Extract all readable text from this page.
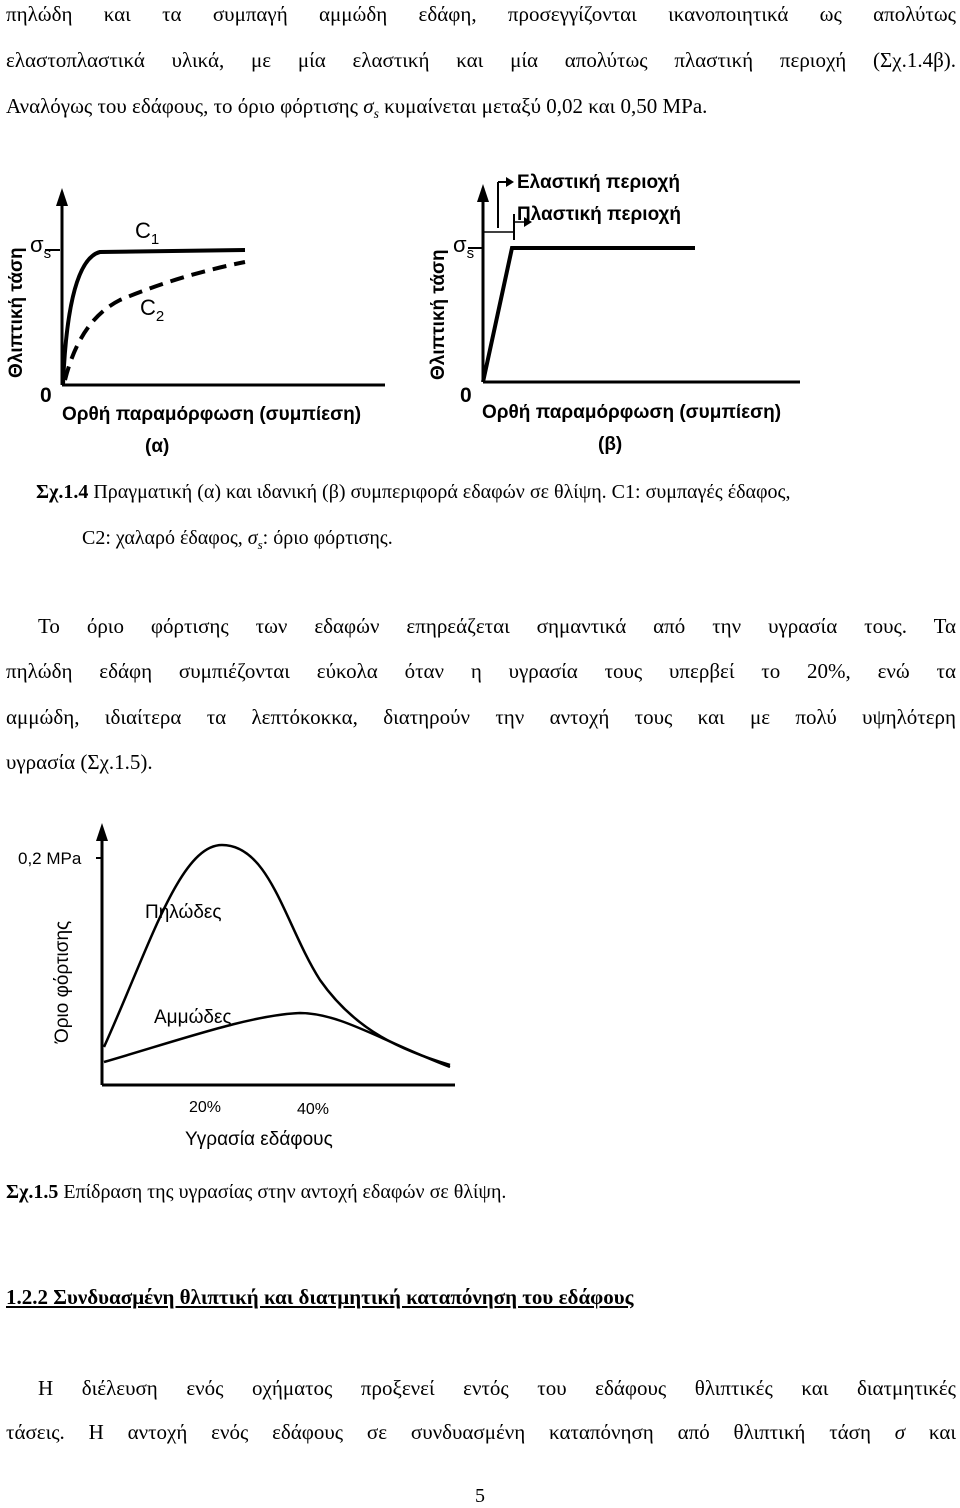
πηλώδη και τα συμπαγή αμμώδη εδάφη, προσεγγίζονται ικανοποιητικά ως απολύτως
ελαστοπλαστικά υλικά, με μία ελαστική και μία απολύτως πλαστική περιοχή (Σχ.1.4β).
Αναλόγως του εδάφους, το όριο φόρτισης $\sigma_s$ κυμαίνεται μεταξύ 0,02 και 0,50 MPa.
$\sigma_s$
$C_1$
$C_2$
0
Ορθή παραμόρφωση (συμπίεση)
(α)
Θλιπτική τάση
Ελαστική περιοχή
Πλαστική περιοχή
$\sigma_s$
0
Ορθή παραμόρφωση (συμπίεση)
(β)
Θλιπτική τάση
Σχ.1.4 Πραγματική (α) και ιδανική (β) συμπεριφορά εδαφών σε θλίψη. C1: συμπαγές έδαφος,
C2: χαλαρό έδαφος, $\sigma_s$: όριο φόρτισης.
Το όριο φόρτισης των εδαφών επηρεάζεται σημαντικά από την υγρασία τους. Τα
πηλώδη εδάφη συμπιέζονται εύκολα όταν η υγρασία τους υπερβεί το 20%, ενώ τα
αμμώδη, ιδιαίτερα τα λεπτόκοκκα, διατηρούν την αντοχή τους και με πολύ υψηλότερη
υγρασία (Σχ.1.5).
0,2 MPa
Όριο φόρτισης
Πηλώδες
Αμμώδες
20%	40%
Υγρασία εδάφους
Σχ.1.5 Επίδραση της υγρασίας στην αντοχή εδαφών σε θλίψη.
1.2.2 Συνδυασμένη θλιπτική και διατμητική καταπόνηση του εδάφους
Η διέλευση ενός οχήματος προξενεί εντός του εδάφους θλιπτικές και διατμητικές
τάσεις. Η αντοχή ενός εδάφους σε συνδυασμένη καταπόνηση από θλιπτική τάση σ και
5
